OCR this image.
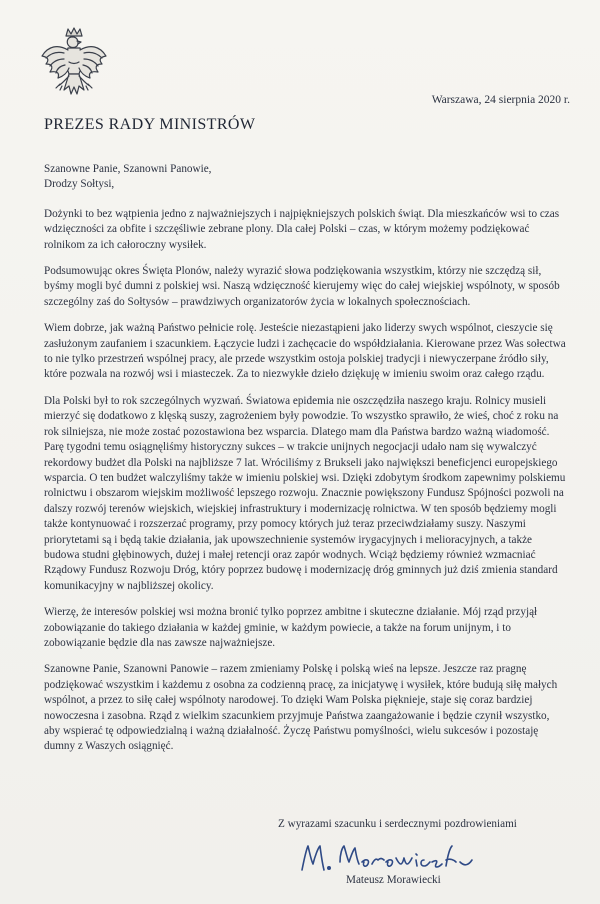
Warszawa, 24 sierpnia 2020 r.
PREZES RADY MINISTRÓW

Szanowne Panie, Szanowni Panowie,

Drodzy Sołtysi,

Dożynki to bez wątpienia jedno z najważniejszych i najpiękniejszych polskich świąt. Dla mieszkańców wsi to czas wdzięczności za obfite i szczęśliwie zebrane plony. Dla całej Polski – czas, w którym możemy podziękować rolnikom za ich całoroczny wysiłek.

Podsumowując okres Święta Plonów, należy wyrazić słowa podziękowania wszystkim, którzy nie szczędzą sił, byśmy mogli być dumni z polskiej wsi. Naszą wdzięczność kierujemy więc do całej wiejskiej wspólnoty, w sposób szczególny zaś do Sołtysów – prawdziwych organizatorów życia w lokalnych społecznościach.

Wiem dobrze, jak ważną Państwo pełnicie rolę. Jesteście niezastąpieni jako liderzy swych wspólnot, cieszycie się zasłużonym zaufaniem i szacunkiem. Łączycie ludzi i zachęcacie do współdziałania. Kierowane przez Was sołectwa to nie tylko przestrzeń wspólnej pracy, ale przede wszystkim ostoja polskiej tradycji i niewyczerpane źródło siły, które pozwala na rozwój wsi i miasteczek. Za to niezwykłe dzieło dziękuję w imieniu swoim oraz całego rządu.

Dla Polski był to rok szczególnych wyzwań. Światowa epidemia nie oszczędziła naszego kraju. Rolnicy musieli mierzyć się dodatkowo z klęską suszy, zagrożeniem były powodzie. To wszystko sprawiło, że wieś, choć z roku na rok silniejsza, nie może zostać pozostawiona bez wsparcia. Dlatego mam dla Państwa bardzo ważną wiadomość. Parę tygodni temu osiągnęliśmy historyczny sukces – w trakcie unijnych negocjacji udało nam się wywalczyć rekordowy budżet dla Polski na najbliższe 7 lat. Wróciliśmy z Brukseli jako największi beneficjenci europejskiego wsparcia. O ten budżet walczyliśmy także w imieniu polskiej wsi. Dzięki zdobytym środkom zapewnimy polskiemu rolnictwu i obszarom wiejskim możliwość lepszego rozwoju. Znacznie powiększony Fundusz Spójności pozwoli na dalszy rozwój terenów wiejskich, wiejskiej infrastruktury i modernizację rolnictwa. W ten sposób będziemy mogli także kontynuować i rozszerzać programy, przy pomocy których już teraz przeciwdziałamy suszy. Naszymi priorytetami są i będą takie działania, jak upowszechnienie systemów irygacyjnych i melioracyjnych, a także budowa studni głębinowych, dużej i małej retencji oraz zapór wodnych. Wciąż będziemy również wzmacniać Rządowy Fundusz Rozwoju Dróg, który poprzez budowę i modernizację dróg gminnych już dziś zmienia standard komunikacyjny w najbliższej okolicy.

Wierzę, że interesów polskiej wsi można bronić tylko poprzez ambitne i skuteczne działanie. Mój rząd przyjął zobowiązanie do takiego działania w każdej gminie, w każdym powiecie, a także na forum unijnym, i to zobowiązanie będzie dla nas zawsze najważniejsze.

Szanowne Panie, Szanowni Panowie – razem zmieniamy Polskę i polską wieś na lepsze. Jeszcze raz pragnę podziękować wszystkim i każdemu z osobna za codzienną pracę, za inicjatywę i wysiłek, które budują siłę małych wspólnot, a przez to siłę całej wspólnoty narodowej. To dzięki Wam Polska pięknieje, staje się coraz bardziej nowoczesna i zasobna. Rząd z wielkim szacunkiem przyjmuje Państwa zaangażowanie i będzie czynił wszystko, aby wspierać tę odpowiedzialną i ważną działalność. Życzę Państwu pomyślności, wielu sukcesów i pozostaję dumny z Waszych osiągnięć.

Z wyrazami szacunku i serdecznymi pozdrowieniami
Mateusz Morawiecki
